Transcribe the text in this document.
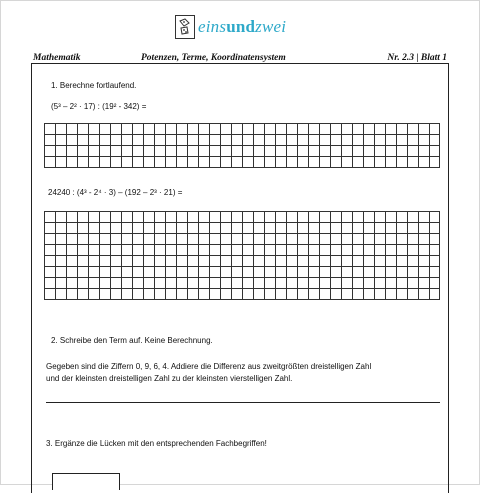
einsundzwei
Mathematik	Potenzen, Terme, Koordinatensystem	Nr. 2.3 | Blatt 1
1. Berechne fortlaufend.
(5³ – 2² · 17) : (19² - 342) =
24240 : (4³ - 2⁴ · 3) – (192 – 2³ · 21) =
2. Schreibe den Term auf. Keine Berechnung.
Gegeben sind die Ziffern 0, 9, 6, 4. Addiere die Differenz aus zweitgrößten dreistelligen Zahl
und der kleinsten dreistelligen Zahl zu der kleinsten vierstelligen Zahl.
3. Ergänze die Lücken mit den entsprechenden Fachbegriffen!
